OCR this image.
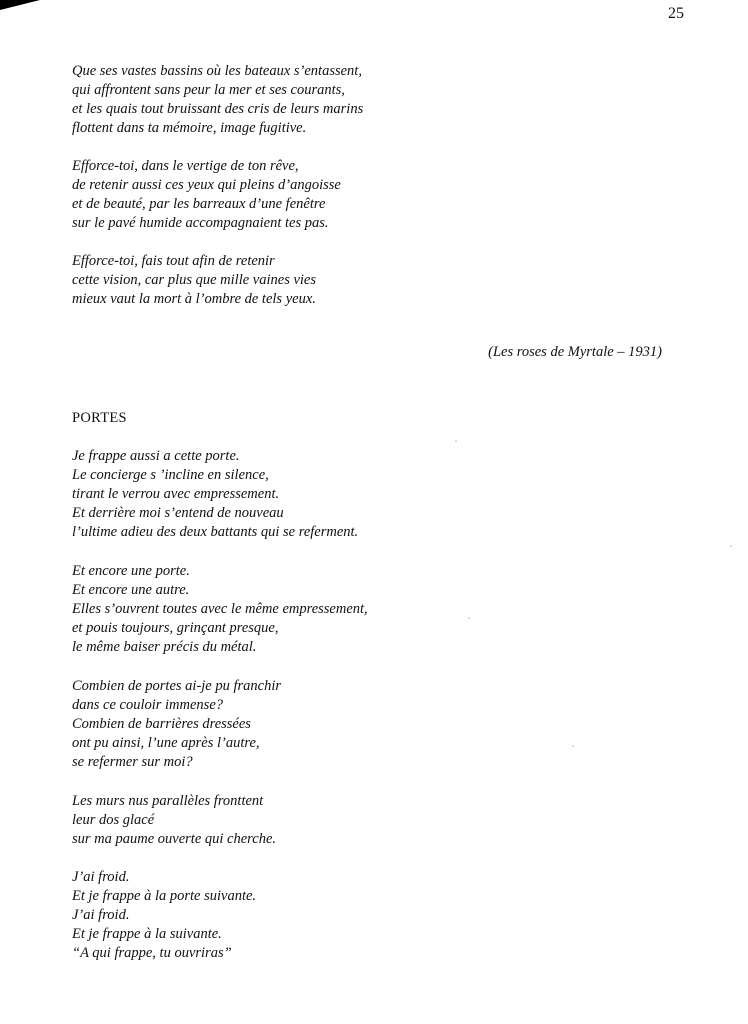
25
Que ses vastes bassins où les bateaux s’entassent,
qui affrontent sans peur la mer et ses courants,
et les quais tout bruissant des cris de leurs marins
flottent dans ta mémoire, image fugitive.
Efforce-toi, dans le vertige de ton rêve,
de retenir aussi ces yeux qui pleins d’angoisse
et de beauté, par les barreaux d’une fenêtre
sur le pavé humide accompagnaient tes pas.
Efforce-toi, fais tout afin de retenir
cette vision, car plus que mille vaines vies
mieux vaut la mort à l’ombre de tels yeux.
(Les roses de Myrtale – 1931)
PORTES
Je frappe aussi a cette porte.
Le concierge s ’incline en silence,
tirant le verrou avec empressement.
Et derrière moi s’entend de nouveau
l’ultime adieu des deux battants qui se referment.
Et encore une porte.
Et encore une autre.
Elles s’ouvrent toutes avec le même empressement,
et pouis toujours, grinçant presque,
le même baiser précis du métal.
Combien de portes ai-je pu franchir
dans ce couloir immense?
Combien de barrières dressées
ont pu ainsi, l’une après l’autre,
se refermer sur moi?
Les murs nus parallèles fronttent
leur dos glacé
sur ma paume ouverte qui cherche.
J’ai froid.
Et je frappe à la porte suivante.
J’ai froid.
Et je frappe à la suivante.
“A qui frappe, tu ouvriras”
